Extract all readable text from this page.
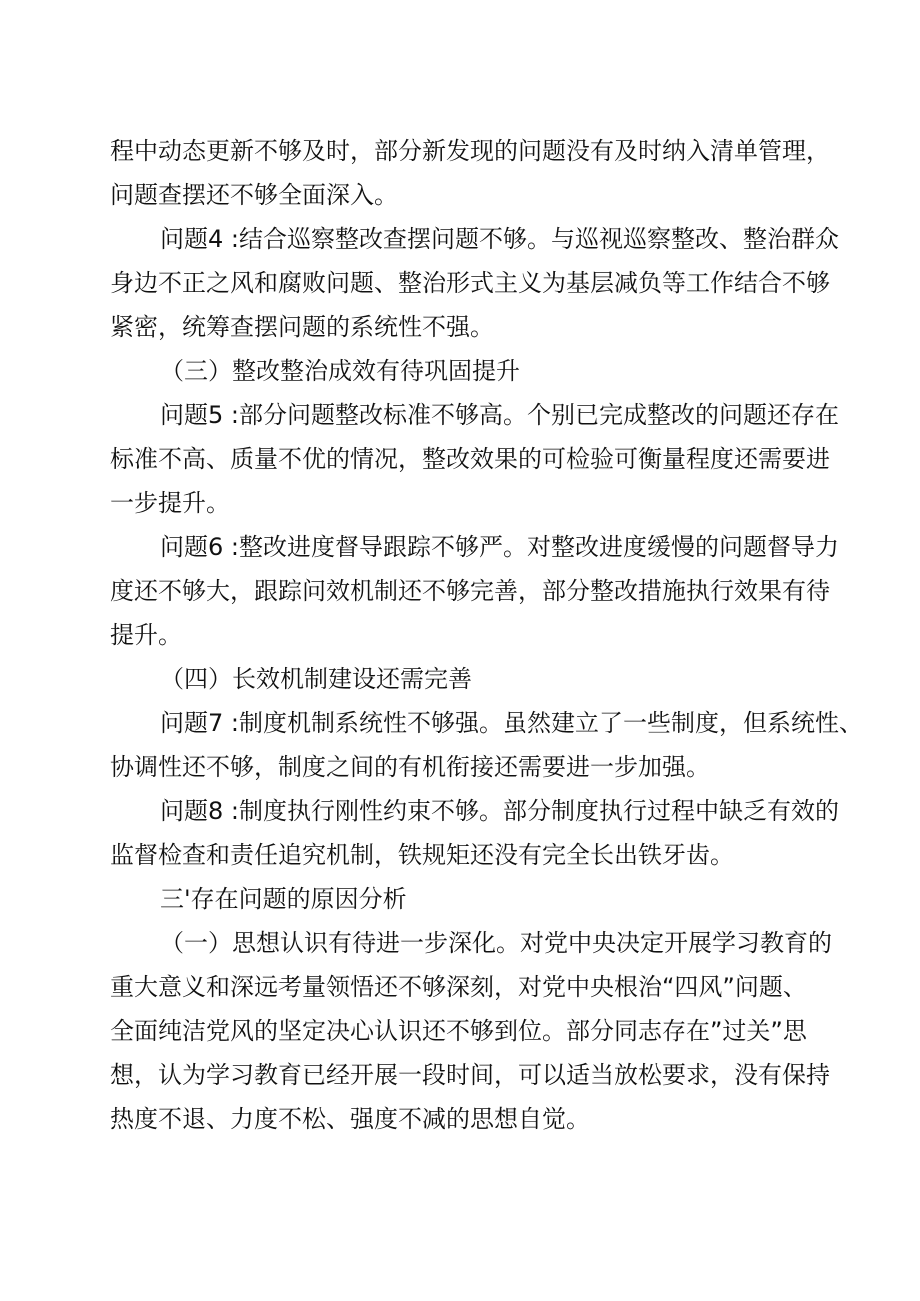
程中动态更新不够及时，部分新发现的问题没有及时纳入清单管理，
问题查摆还不够全面深入。
问题4 :结合巡察整改查摆问题不够。与巡视巡察整改、整治群众
身边不正之风和腐败问题、整治形式主义为基层减负等工作结合不够
紧密，统筹查摆问题的系统性不强。
（三）整改整治成效有待巩固提升
问题5 :部分问题整改标准不够高。个别已完成整改的问题还存在
标准不高、质量不优的情况，整改效果的可检验可衡量程度还需要进
一步提升。
问题6 :整改进度督导跟踪不够严。对整改进度缓慢的问题督导力
度还不够大，跟踪问效机制还不够完善，部分整改措施执行效果有待
提升。
（四）长效机制建设还需完善
问题7 :制度机制系统性不够强。虽然建立了一些制度，但系统性、
协调性还不够，制度之间的有机衔接还需要进一步加强。
问题8 :制度执行刚性约束不够。部分制度执行过程中缺乏有效的
监督检查和责任追究机制，铁规矩还没有完全长出铁牙齿。
三'存在问题的原因分析
（一）思想认识有待进一步深化。对党中央决定开展学习教育的
重大意义和深远考量领悟还不够深刻，对党中央根治“四风”问题、
全面纯洁党风的坚定决心认识还不够到位。部分同志存在”过关”思
想，认为学习教育已经开展一段时间，可以适当放松要求，没有保持
热度不退、力度不松、强度不减的思想自觉。
